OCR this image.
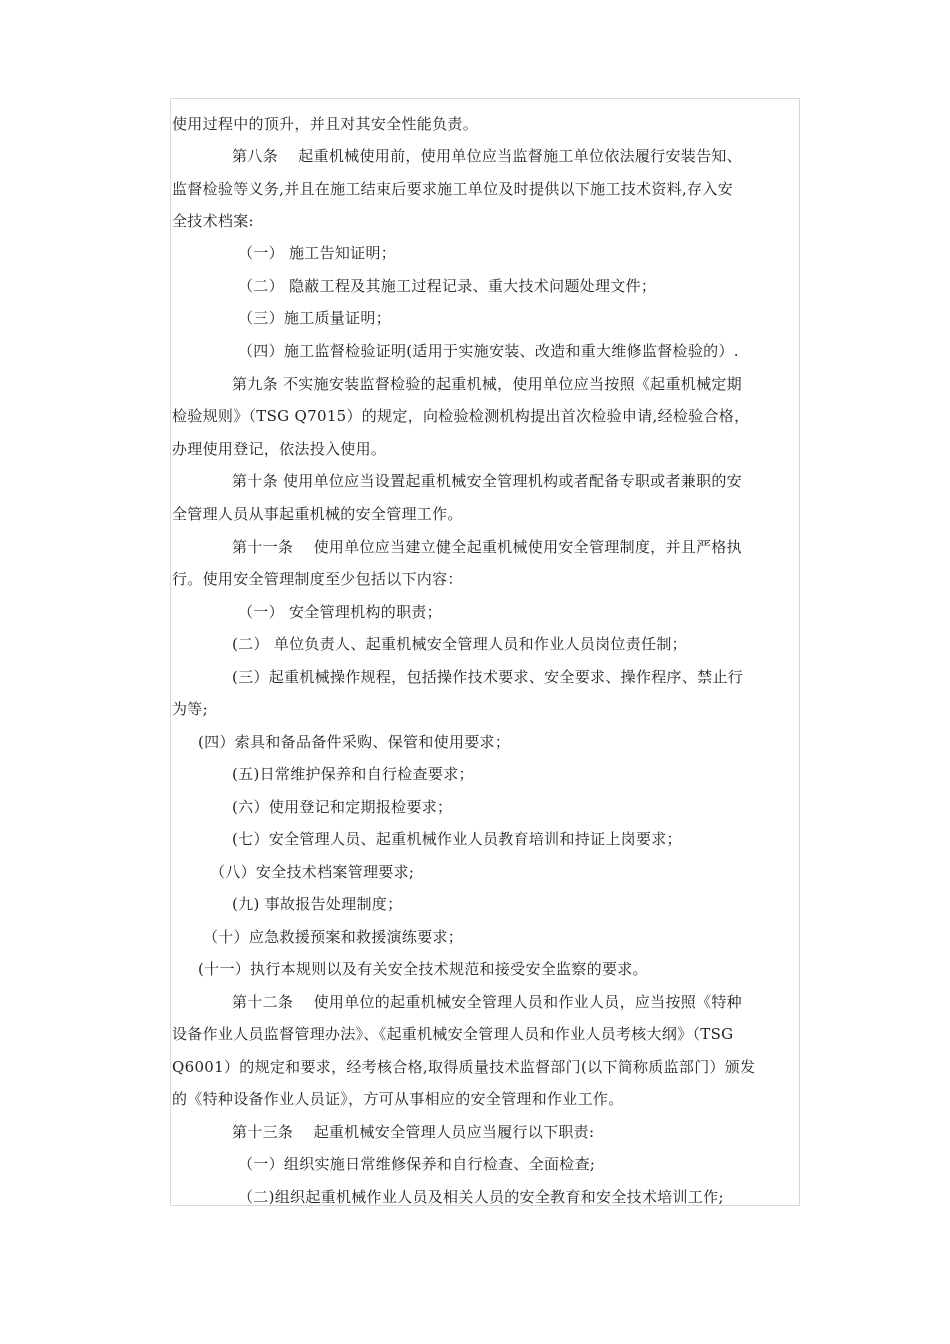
使用过程中的顶升，并且对其安全性能负责。
第八条　 起重机械使用前，使用单位应当监督施工单位依法履行安装告知、
监督检验等义务,并且在施工结束后要求施工单位及时提供以下施工技术资料,存入安
全技术档案:
（一） 施工告知证明；
（二） 隐蔽工程及其施工过程记录、重大技术问题处理文件；
（三）施工质量证明；
（四）施工监督检验证明(适用于实施安装、改造和重大维修监督检验的）.
第九条 不实施安装监督检验的起重机械，使用单位应当按照《起重机械定期
检验规则》（TSG Q7015）的规定，向检验检测机构提出首次检验申请,经检验合格，
办理使用登记，依法投入使用。
第十条 使用单位应当设置起重机械安全管理机构或者配备专职或者兼职的安
全管理人员从事起重机械的安全管理工作。
第十一条　 使用单位应当建立健全起重机械使用安全管理制度，并且严格执
行。使用安全管理制度至少包括以下内容：
（一） 安全管理机构的职责；
(二） 单位负责人、起重机械安全管理人员和作业人员岗位责任制；
(三）起重机械操作规程，包括操作技术要求、安全要求、操作程序、禁止行
为等;
(四）索具和备品备件采购、保管和使用要求；
(五)日常维护保养和自行检查要求；
(六）使用登记和定期报检要求；
(七）安全管理人员、起重机械作业人员教育培训和持证上岗要求；
（八）安全技术档案管理要求;
(九) 事故报告处理制度；
（十）应急救援预案和救援演练要求；
(十一）执行本规则以及有关安全技术规范和接受安全监察的要求。
第十二条　 使用单位的起重机械安全管理人员和作业人员，应当按照《特种
设备作业人员监督管理办法》、《起重机械安全管理人员和作业人员考核大纲》（TSG
Q6001）的规定和要求，经考核合格,取得质量技术监督部门(以下简称质监部门）颁发
的《特种设备作业人员证》，方可从事相应的安全管理和作业工作。
第十三条　 起重机械安全管理人员应当履行以下职责:
（一）组织实施日常维修保养和自行检查、全面检查;
（二)组织起重机械作业人员及相关人员的安全教育和安全技术培训工作;
